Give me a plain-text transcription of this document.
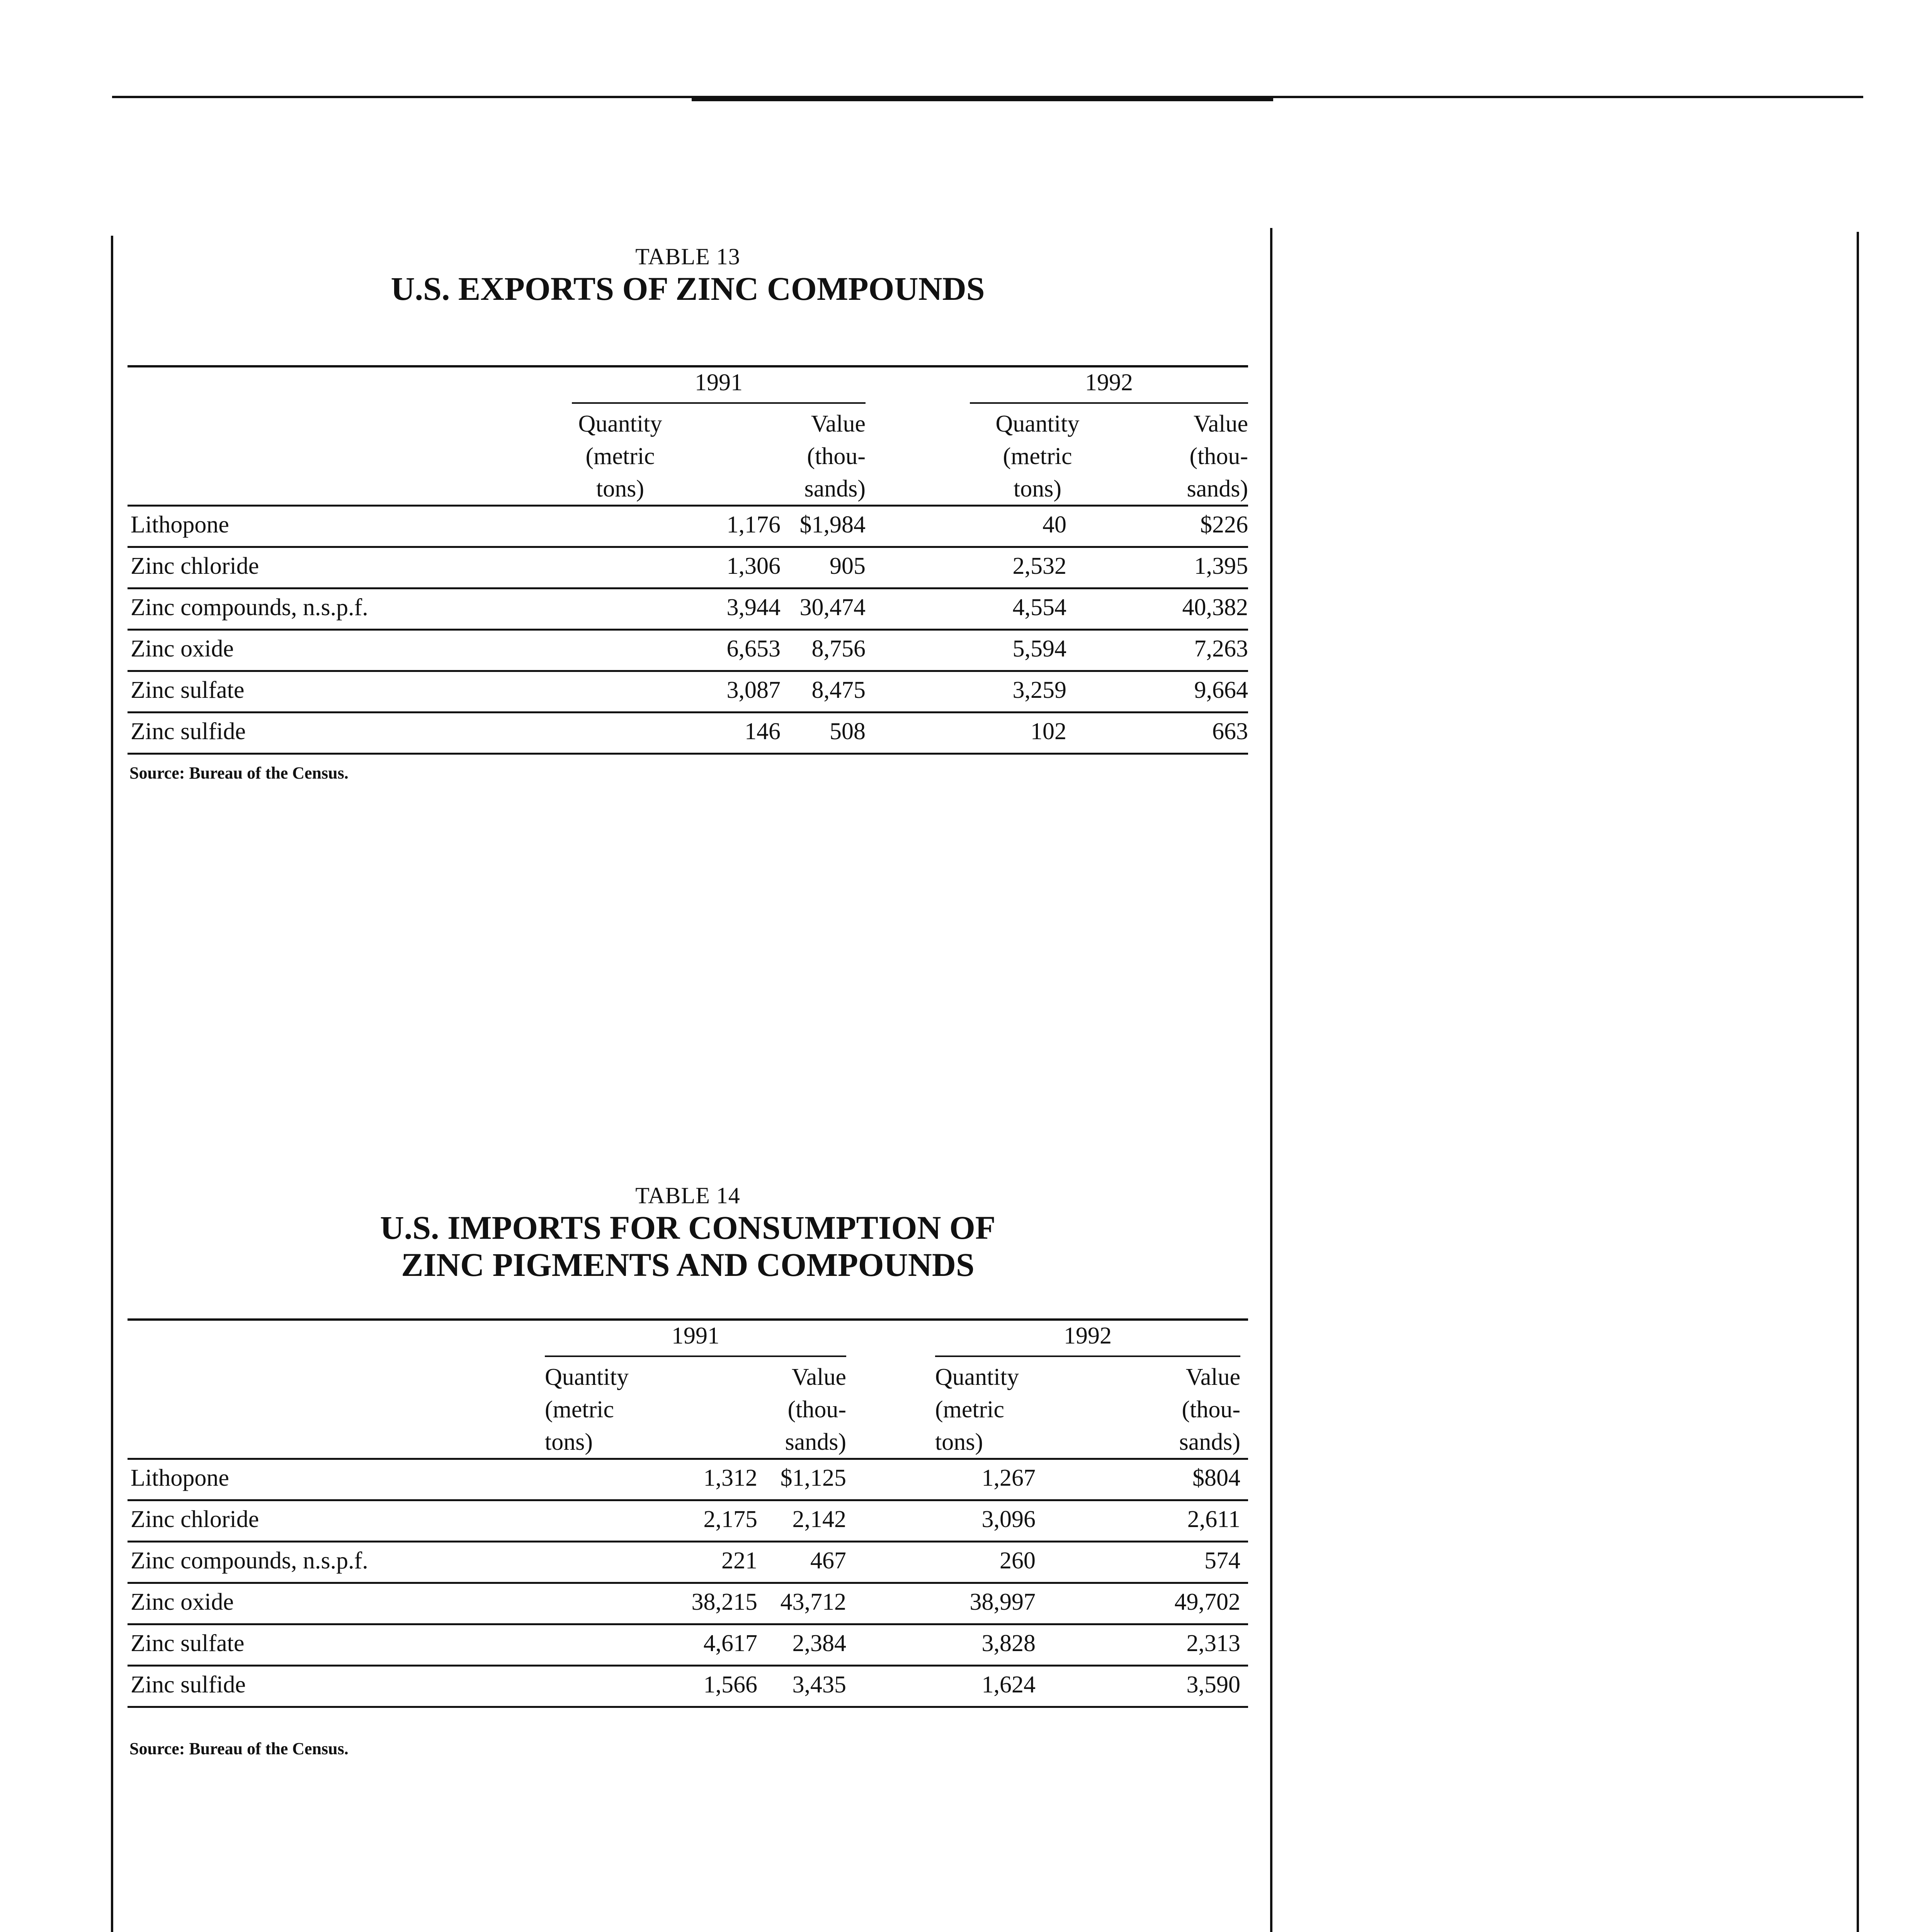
TABLE 13
U.S. EXPORTS OF ZINC COMPOUNDS
1991	1992
Quantity
(metric
tons)
Value
(thou-
sands)
Quantity
(metric
tons)
Value
(thou-
sands)
Lithopone	1,176 $1,984	40	$226
Zinc chloride	1,306 905	2,532	1,395
Zinc compounds, n.s.p.f.	3,944 30,474	4,554	40,382
Zinc oxide	6,653 8,756	5,594	7,263
Zinc sulfate	3,087 8,475	3,259	9,664
Zinc sulfide	146 508	102	663
Source: Bureau of the Census.
TABLE 14
U.S. IMPORTS FOR CONSUMPTION OF
ZINC PIGMENTS AND COMPOUNDS
1991	1992
Quantity
(metric
tons)
Value
(thou-
sands)
Quantity
(metric
tons)
Value
(thou-
sands)
Lithopone	1,312 $1,125	1,267	$804
Zinc chloride	2,175 2,142	3,096	2,611
Zinc compounds, n.s.p.f.	221 467	260	574
Zinc oxide	38,215 43,712	38,997	49,702
Zinc sulfate	4,617 2,384	3,828	2,313
Zinc sulfide	1,566 3,435	1,624	3,590
Source: Bureau of the Census.
